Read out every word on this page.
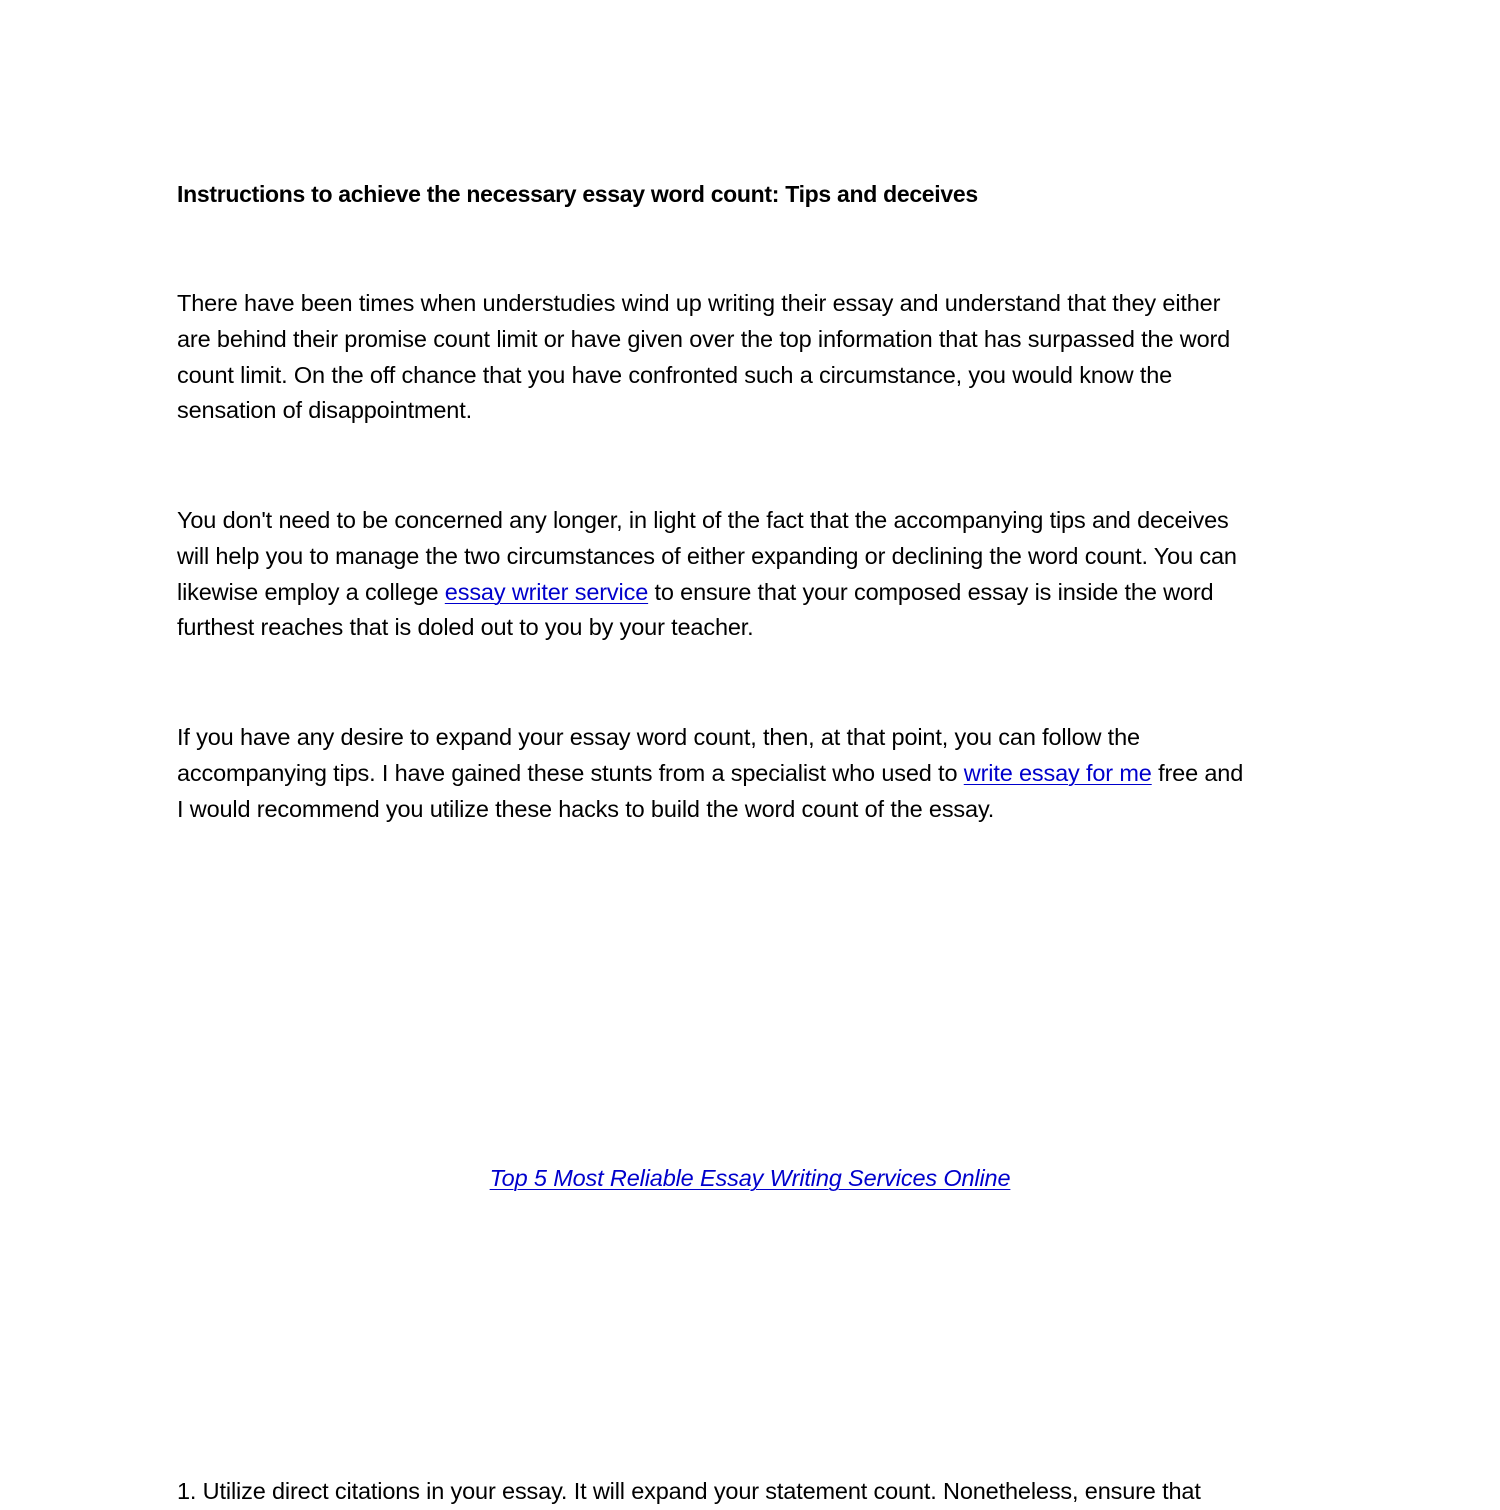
Instructions to achieve the necessary essay word count: Tips and deceives
There have been times when understudies wind up writing their essay and understand that they either
are behind their promise count limit or have given over the top information that has surpassed the word
count limit. On the off chance that you have confronted such a circumstance, you would know the
sensation of disappointment.
You don't need to be concerned any longer, in light of the fact that the accompanying tips and deceives
will help you to manage the two circumstances of either expanding or declining the word count. You can
likewise employ a college essay writer service to ensure that your composed essay is inside the word
furthest reaches that is doled out to you by your teacher.
If you have any desire to expand your essay word count, then, at that point, you can follow the
accompanying tips. I have gained these stunts from a specialist who used to write essay for me free and
I would recommend you utilize these hacks to build the word count of the essay.
Top 5 Most Reliable Essay Writing Services Online
1. Utilize direct citations in your essay. It will expand your statement count. Nonetheless, ensure that
